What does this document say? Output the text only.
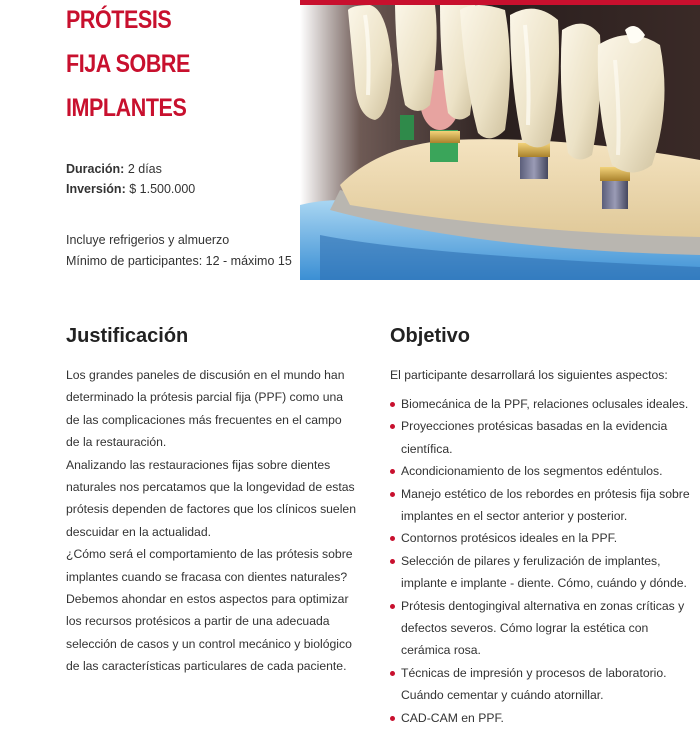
PRÓTESIS
FIJA SOBRE
IMPLANTES
Duración: 2 días
Inversión: $ 1.500.000
Incluye refrigerios y almuerzo
Mínimo de participantes: 12 - máximo 15
Justificación

Los grandes paneles de discusión en el mundo han determinado la prótesis parcial fija (PPF) como una de las complicaciones más frecuentes en el campo de la restauración.

Analizando las restauraciones fijas sobre dientes naturales nos percatamos que la longevidad de estas prótesis dependen de factores que los clínicos suelen descuidar en la actualidad.

¿Cómo será el comportamiento de las prótesis sobre implantes cuando se fracasa con dientes naturales?

Debemos ahondar en estos aspectos para optimizar los recursos protésicos a partir de una adecuada selección de casos y un control mecánico y biológico de las características particulares de cada paciente.

Objetivo
El participante desarrollará los siguientes aspectos:
Biomecánica de la PPF, relaciones oclusales ideales.
Proyecciones protésicas basadas en la evidencia científica.
Acondicionamiento de los segmentos edéntulos.
Manejo estético de los rebordes en prótesis fija sobre implantes en el sector anterior y posterior.
Contornos protésicos ideales en la PPF.
Selección de pilares y ferulización de implantes, implante e implante - diente. Cómo, cuándo y dónde.
Prótesis dentogingival alternativa en zonas críticas y defectos severos. Cómo lograr la estética con cerámica rosa.
Técnicas de impresión y procesos de laboratorio. Cuándo cementar y cuándo atornillar.
CAD-CAM en PPF.
